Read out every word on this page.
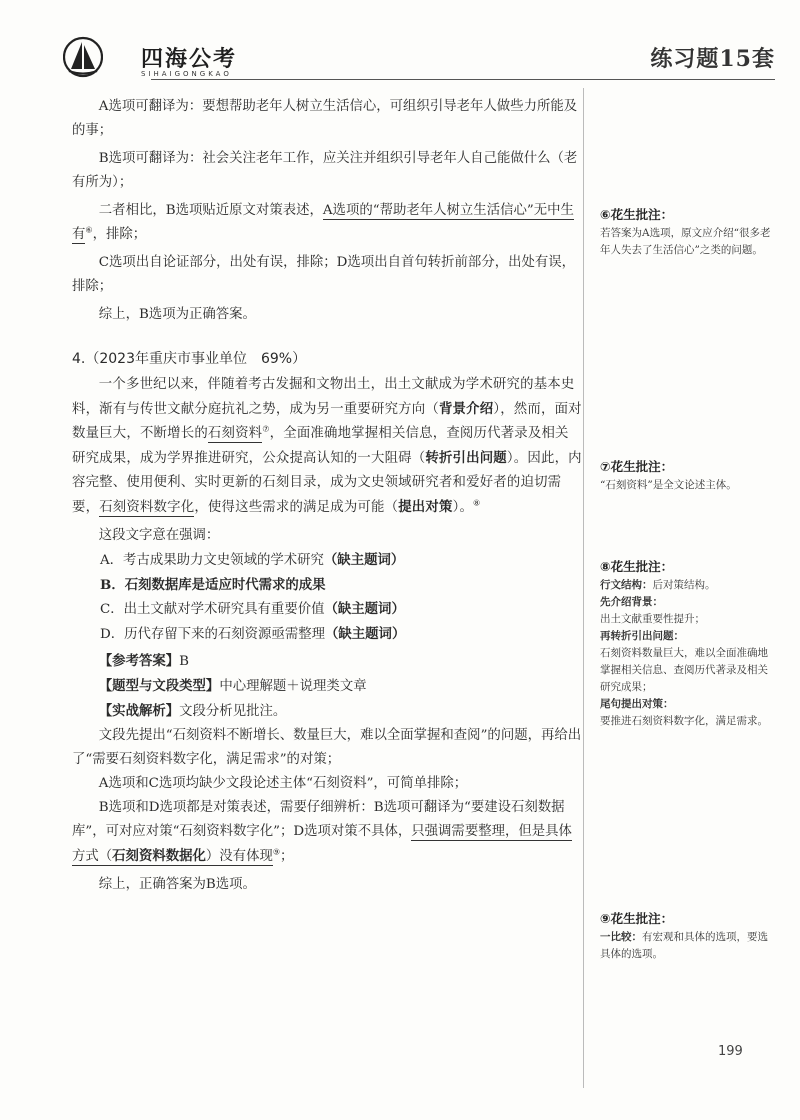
四海公考
SIHAIGONGKAO
练习题15套

A选项可翻译为：要想帮助老年人树立生活信心，可组织引导老年人做些力所能及的事；

B选项可翻译为：社会关注老年工作，应关注并组织引导老年人自己能做什么（老有所为）；

二者相比，B选项贴近原文对策表述，A选项的“帮助老年人树立生活信心”无中生有⑥，排除；

C选项出自论证部分，出处有误，排除；D选项出自首句转折前部分，出处有误，排除；

综上，B选项为正确答案。

4.（2023年重庆市事业单位　69%）

一个多世纪以来，伴随着考古发掘和文物出土，出土文献成为学术研究的基本史料，渐有与传世文献分庭抗礼之势，成为另一重要研究方向（背景介绍），然而，面对数量巨大，不断增长的石刻资料⑦，全面准确地掌握相关信息，查阅历代著录及相关研究成果，成为学界推进研究，公众提高认知的一大阻碍（转折引出问题）。因此，内容完整、使用便利、实时更新的石刻目录，成为文史领域研究者和爱好者的迫切需要，石刻资料数字化，使得这些需求的满足成为可能（提出对策）。⑧

这段文字意在强调：

A．考古成果助力文史领域的学术研究（缺主题词）

B．石刻数据库是适应时代需求的成果

C．出土文献对学术研究具有重要价值（缺主题词）

D．历代存留下来的石刻资源亟需整理（缺主题词）

【参考答案】B

【题型与文段类型】中心理解题＋说理类文章

【实战解析】文段分析见批注。

文段先提出“石刻资料不断增长、数量巨大，难以全面掌握和查阅”的问题，再给出了“需要石刻资料数字化，满足需求”的对策；

A选项和C选项均缺少文段论述主体“石刻资料”，可简单排除；

B选项和D选项都是对策表述，需要仔细辨析：B选项可翻译为“要建设石刻数据库”，可对应对策“石刻资料数字化”；D选项对策不具体，只强调需要整理，但是具体方式（石刻资料数据化）没有体现⑨；

综上，正确答案为B选项。

⑥花生批注：

若答案为A选项，原文应介绍“很多老年人失去了生活信心”之类的问题。

⑦花生批注：

“石刻资料”是全文论述主体。

⑧花生批注：

行文结构：后对策结构。

先介绍背景：

出土文献重要性提升；

再转折引出问题：

石刻资料数量巨大，难以全面准确地掌握相关信息、查阅历代著录及相关研究成果；

尾句提出对策：

要推进石刻资料数字化，满足需求。

⑨花生批注：

一比较：有宏观和具体的选项，要选具体的选项。

199
